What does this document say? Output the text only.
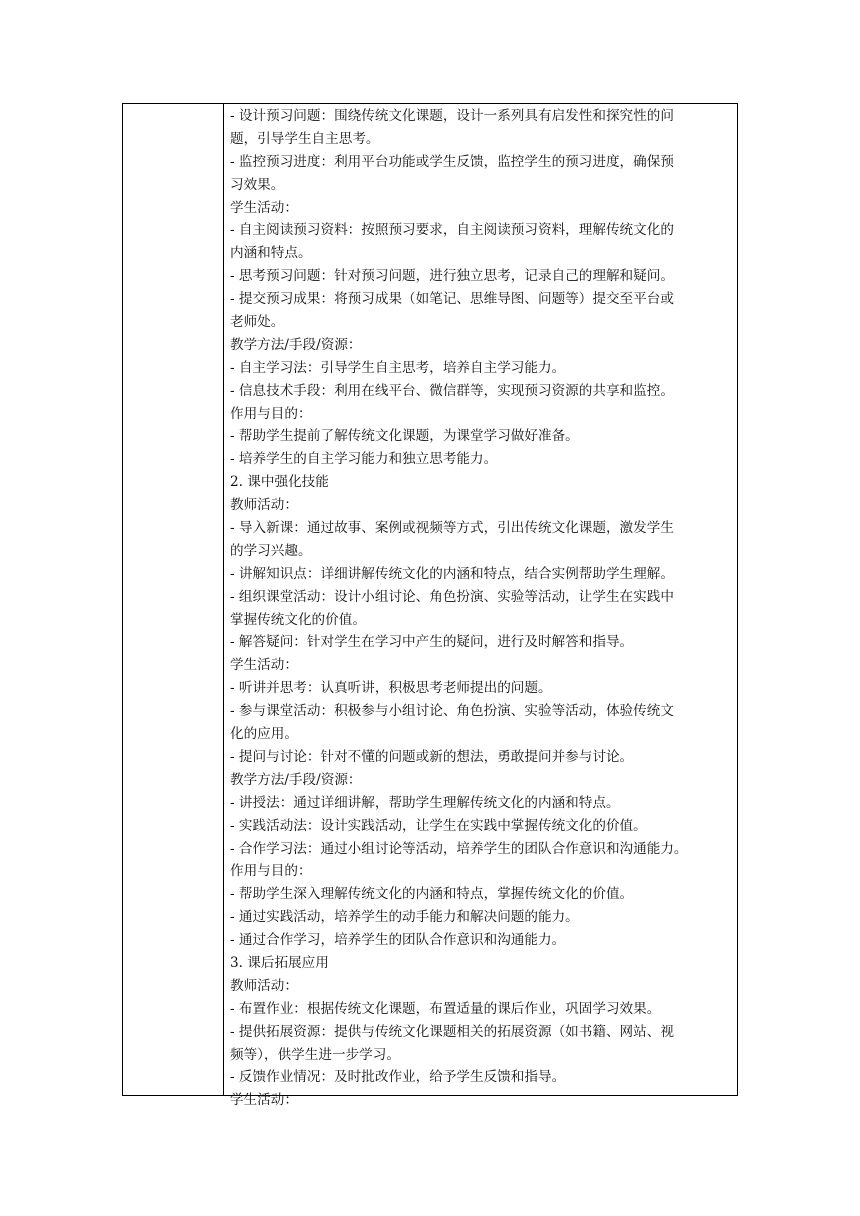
- 设计预习问题：围绕传统文化课题，设计一系列具有启发性和探究性的问
题，引导学生自主思考。
- 监控预习进度：利用平台功能或学生反馈，监控学生的预习进度，确保预
习效果。
学生活动：
- 自主阅读预习资料：按照预习要求，自主阅读预习资料，理解传统文化的
内涵和特点。
- 思考预习问题：针对预习问题，进行独立思考，记录自己的理解和疑问。
- 提交预习成果：将预习成果（如笔记、思维导图、问题等）提交至平台或
老师处。
教学方法/手段/资源：
- 自主学习法：引导学生自主思考，培养自主学习能力。
- 信息技术手段：利用在线平台、微信群等，实现预习资源的共享和监控。
作用与目的：
- 帮助学生提前了解传统文化课题，为课堂学习做好准备。
- 培养学生的自主学习能力和独立思考能力。
2. 课中强化技能
教师活动：
- 导入新课：通过故事、案例或视频等方式，引出传统文化课题，激发学生
的学习兴趣。
- 讲解知识点：详细讲解传统文化的内涵和特点，结合实例帮助学生理解。
- 组织课堂活动：设计小组讨论、角色扮演、实验等活动，让学生在实践中
掌握传统文化的价值。
- 解答疑问：针对学生在学习中产生的疑问，进行及时解答和指导。
学生活动：
- 听讲并思考：认真听讲，积极思考老师提出的问题。
- 参与课堂活动：积极参与小组讨论、角色扮演、实验等活动，体验传统文
化的应用。
- 提问与讨论：针对不懂的问题或新的想法，勇敢提问并参与讨论。
教学方法/手段/资源：
- 讲授法：通过详细讲解，帮助学生理解传统文化的内涵和特点。
- 实践活动法：设计实践活动，让学生在实践中掌握传统文化的价值。
- 合作学习法：通过小组讨论等活动，培养学生的团队合作意识和沟通能力。
作用与目的：
- 帮助学生深入理解传统文化的内涵和特点，掌握传统文化的价值。
- 通过实践活动，培养学生的动手能力和解决问题的能力。
- 通过合作学习，培养学生的团队合作意识和沟通能力。
3. 课后拓展应用
教师活动：
- 布置作业：根据传统文化课题，布置适量的课后作业，巩固学习效果。
- 提供拓展资源：提供与传统文化课题相关的拓展资源（如书籍、网站、视
频等），供学生进一步学习。
- 反馈作业情况：及时批改作业，给予学生反馈和指导。
学生活动：
